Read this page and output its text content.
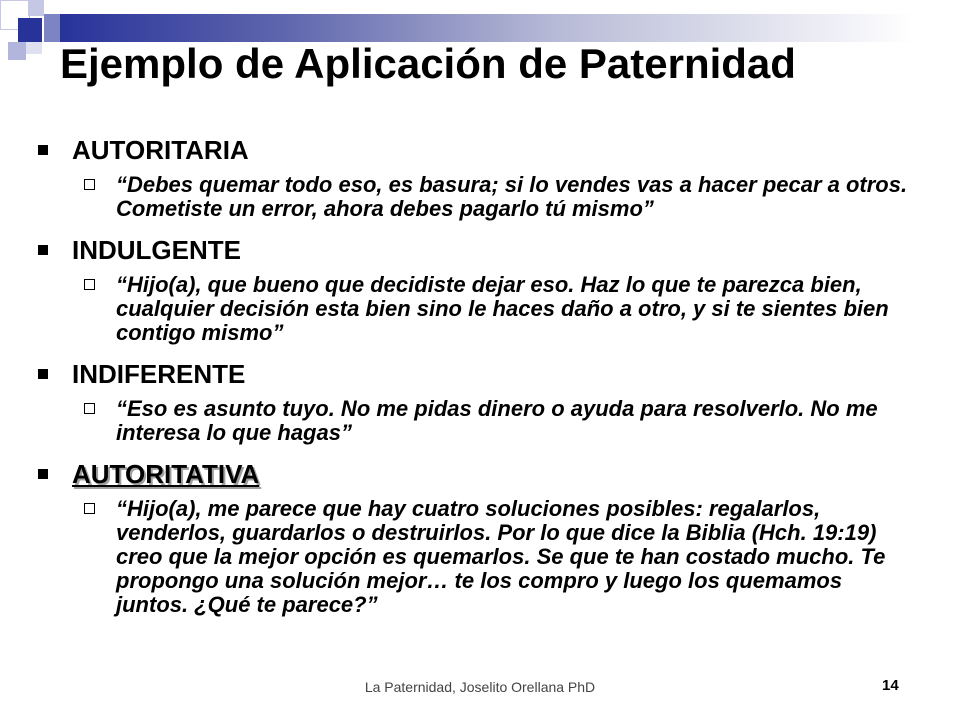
Ejemplo de Aplicación de Paternidad
AUTORITARIA
“Debes quemar todo eso, es basura; si lo vendes vas a hacer pecar a otros. Cometiste un error, ahora debes pagarlo tú mismo”
INDULGENTE
“Hijo(a), que bueno que decidiste dejar eso. Haz lo que te parezca bien, cualquier decisión esta bien sino le haces daño a otro, y si te sientes bien contigo mismo”
INDIFERENTE
“Eso es asunto tuyo. No me pidas dinero o ayuda para resolverlo. No me interesa lo que hagas”
AUTORITATIVA
“Hijo(a), me parece que hay cuatro soluciones posibles: regalarlos, venderlos, guardarlos o destruirlos. Por lo que dice la Biblia (Hch. 19:19) creo que la mejor opción es quemarlos. Se que te han costado mucho. Te propongo una solución mejor… te los compro y luego los quemamos juntos. ¿Qué te parece?”
La Paternidad, Joselito Orellana PhD	14
